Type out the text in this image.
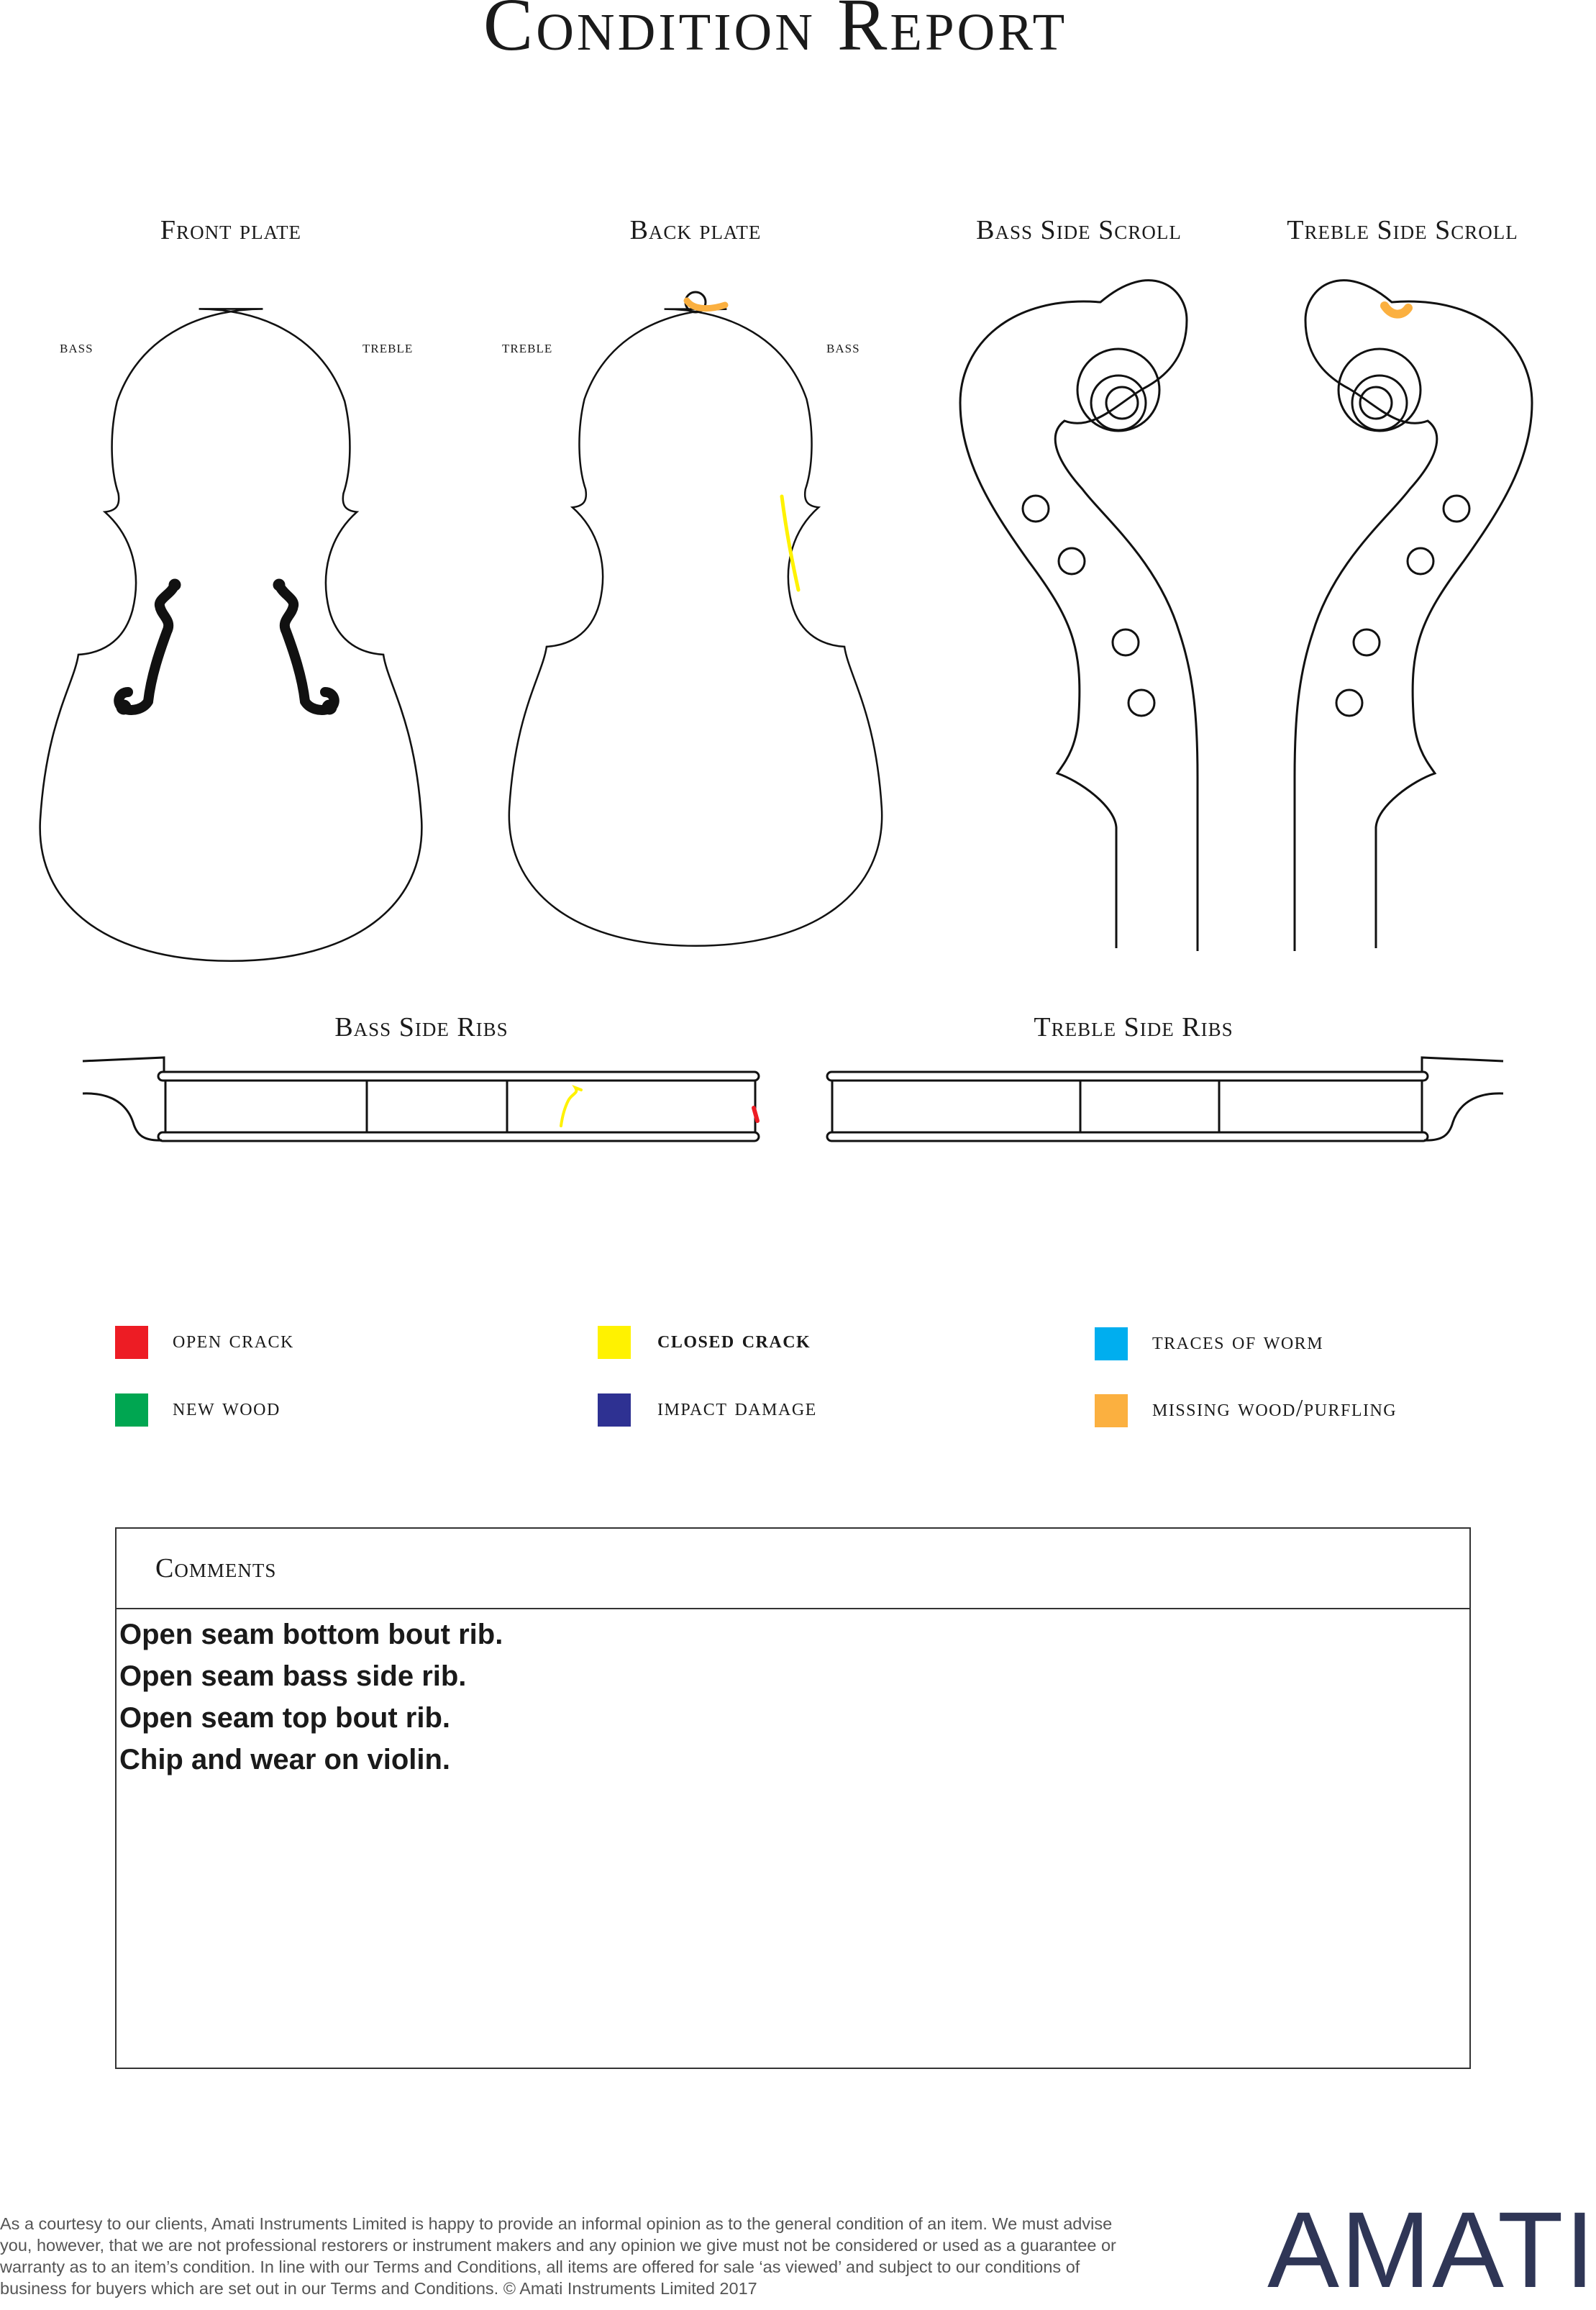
Condition Report
Front plate	Back plate	Bass Side Scroll	Treble Side Scroll
Bass Side Ribs	Treble Side Ribs
bass	treble	treble	bass
open crack	closed crack	traces of worm
new wood	impact damage	missing wood/purfling
Comments
Open seam bottom bout rib.
Open seam bass side rib.
Open seam top bout rib.
Chip and wear on violin.
As a courtesy to our clients, Amati Instruments Limited is happy to provide an informal opinion as to the general condition of an item. We must advise you, however, that we are not professional restorers or instrument makers and any opinion we give must not be considered or used as a guarantee or warranty as to an item’s condition. In line with our Terms and Conditions, all items are offered for sale ‘as viewed’ and subject to our conditions of business for buyers which are set out in our Terms and Conditions. © Amati Instruments Limited 2017	AMATI
